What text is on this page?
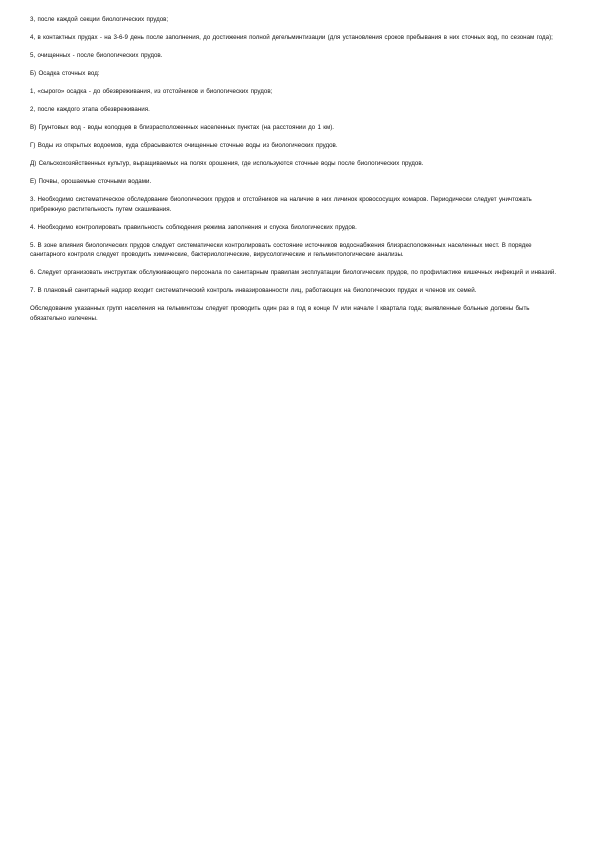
3, после каждой секции биологических прудов;

4, в контактных прудах - на 3-6-9 день после заполнения, до достижения полной дегельминтизации (для установления сроков пребывания в них сточных вод, по сезонам года);

5, очищенных - после биологических прудов.

Б) Осадка сточных вод:

1, «сырого» осадка - до обезвреживания, из отстойников и биологических прудов;

2, после каждого этапа обезвреживания.

В) Грунтовых вод - воды колодцев в близрасположенных населенных пунктах (на расстоянии до 1 км).

Г) Воды из открытых водоемов, куда сбрасываются очищенные сточные воды из биологических прудов.

Д) Сельскохозяйственных культур, выращиваемых на полях орошения, где используются сточные воды после биологических прудов.

Е) Почвы, орошаемые сточными водами.

3. Необходимо систематическое обследование биологических прудов и отстойников на наличие в них личинок кровососущих комаров. Периодически следует уничтожать прибрежную растительность путем скашивания.

4. Необходимо контролировать правильность соблюдения режима заполнения и спуска биологических прудов.

5. В зоне влияния биологических прудов следует систематически контролировать состояние источников водоснабжения близрасположенных населенных мест. В порядке санитарного контроля следует проводить химические, бактериологические, вирусологические и гельминтологические анализы.

6. Следует организовать инструктаж обслуживающего персонала по санитарным правилам эксплуатации биологических прудов, по профилактике кишечных инфекций и инвазий.

7. В плановый санитарный надзор входит систематический контроль инвазированности лиц, работающих на биологических прудах и членов их семей.

Обследование указанных групп населения на гельминтозы следует проводить один раз в год в конце IV или начале I квартала года; выявленные больные должны быть обязательно излечены.
